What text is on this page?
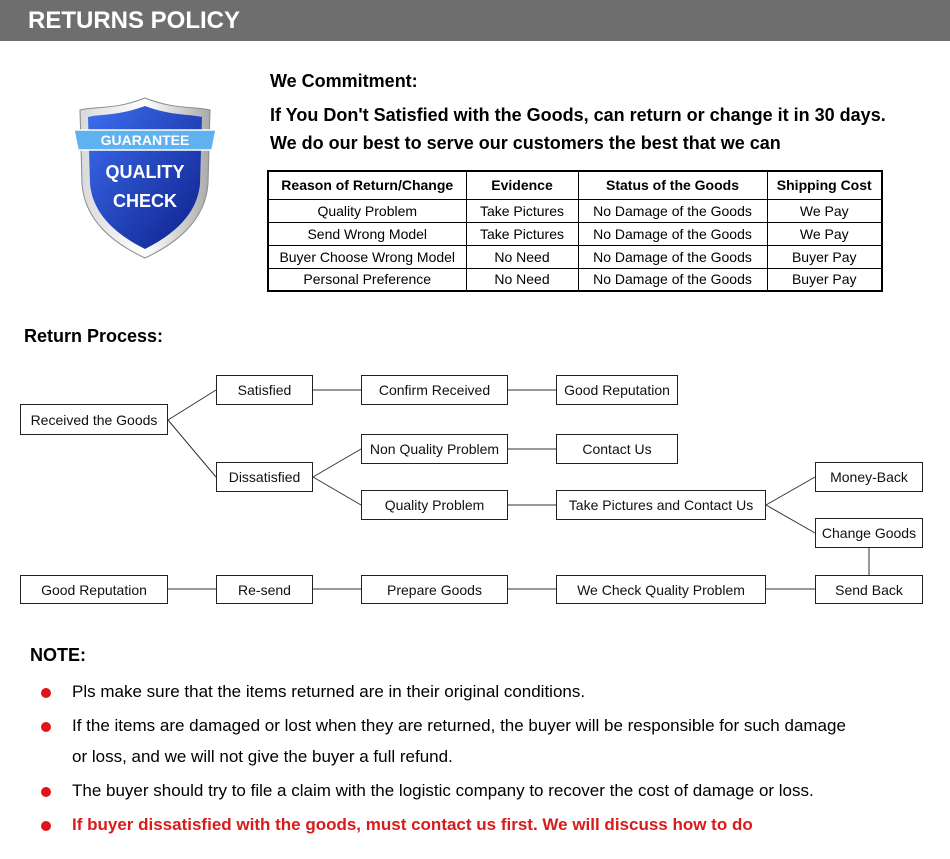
RETURNS POLICY
GUARANTEE
QUALITY
CHECK
We Commitment:
If You Don't Satisfied with the Goods, can return or change it in 30 days.
We do our best to serve our customers the best that we can
Reason of Return/Change	Evidence	Status of the Goods	Shipping Cost
Quality Problem	Take Pictures	No Damage of the Goods	We Pay
Send Wrong Model	Take Pictures	No Damage of the Goods	We Pay
Buyer Choose Wrong Model	No Need	No Damage of the Goods	Buyer Pay
Personal Preference	No Need	No Damage of the Goods	Buyer Pay
Return Process:
Received the Goods
Satisfied	Confirm Received	Good Reputation
Dissatisfied
Non Quality Problem	Contact Us
Quality Problem	Take Pictures and Contact Us
Money-Back
Change Goods
Send Back
We Check Quality Problem
Prepare Goods
Re-send
Good Reputation
NOTE:
Pls make sure that the items returned are in their original conditions.
If the items are damaged or lost when they are returned, the buyer will be responsible for such damage or loss, and we will not give the buyer a full refund.
The buyer should try to file a claim with the logistic company to recover the cost of damage or loss.
If buyer dissatisfied with the goods, must contact us first. We will discuss how to do
